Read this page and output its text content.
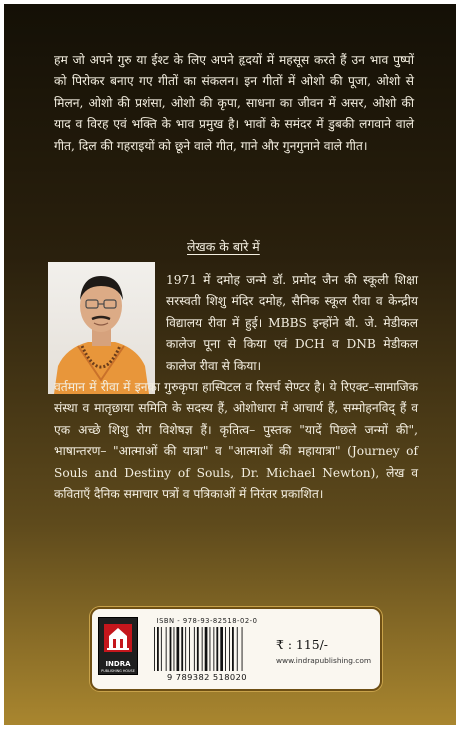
हम जो अपने गुरु या ईश्ट के लिए अपने हृदयों में महसूस करते हैं उन भाव पुष्पों को पिरोकर बनाए गए गीतों का संकलन। इन गीतों में ओशो की पूजा, ओशो से मिलन, ओशो की प्रशंसा, ओशो की कृपा, साधना का जीवन में असर, ओशो की याद व विरह एवं भक्ति के भाव प्रमुख है। भावों के समंदर में डुबकी लगवाने वाले गीत, दिल की गहराइयों को छूने वाले गीत, गाने और गुनगुनाने वाले गीत।

लेखक के बारे में

1971 में दमोह जन्मे डॉ. प्रमोद जैन की स्कूली शिक्षा सरस्वती शिशु मंदिर दमोह, सैनिक स्कूल रीवा व केन्द्रीय विद्यालय रीवा में हुई। MBBS इन्होंने बी. जे. मेडीकल कालेज पूना से किया एवं DCH व DNB मेडीकल कालेज रीवा से किया।

वर्तमान में रीवा में इनका गुरुकृपा हास्पिटल व रिसर्च सेण्टर है। ये रिएक्ट–सामाजिक संस्था व मातृछाया समिति के सदस्य हैं, ओशोधारा में आचार्य हैं, सम्मोहनविद् हैं व एक अच्छे शिशु रोग विशेषज्ञ हैं। कृतित्व– पुस्तक "यादें पिछले जन्मों की", भाषान्तरण– "आत्माओं की यात्रा" व "आत्माओं की महायात्रा" (Journey of Souls and Destiny of Souls, Dr. Michael Newton), लेख व कविताएँ दैनिक समाचार पत्रों व पत्रिकाओं में निरंतर प्रकाशित।

INDRA
PUBLISHING HOUSE
ISBN - 978-93-82518-02-0
9 789382 518020
₹ : 115/-
www.indrapublishing.com
